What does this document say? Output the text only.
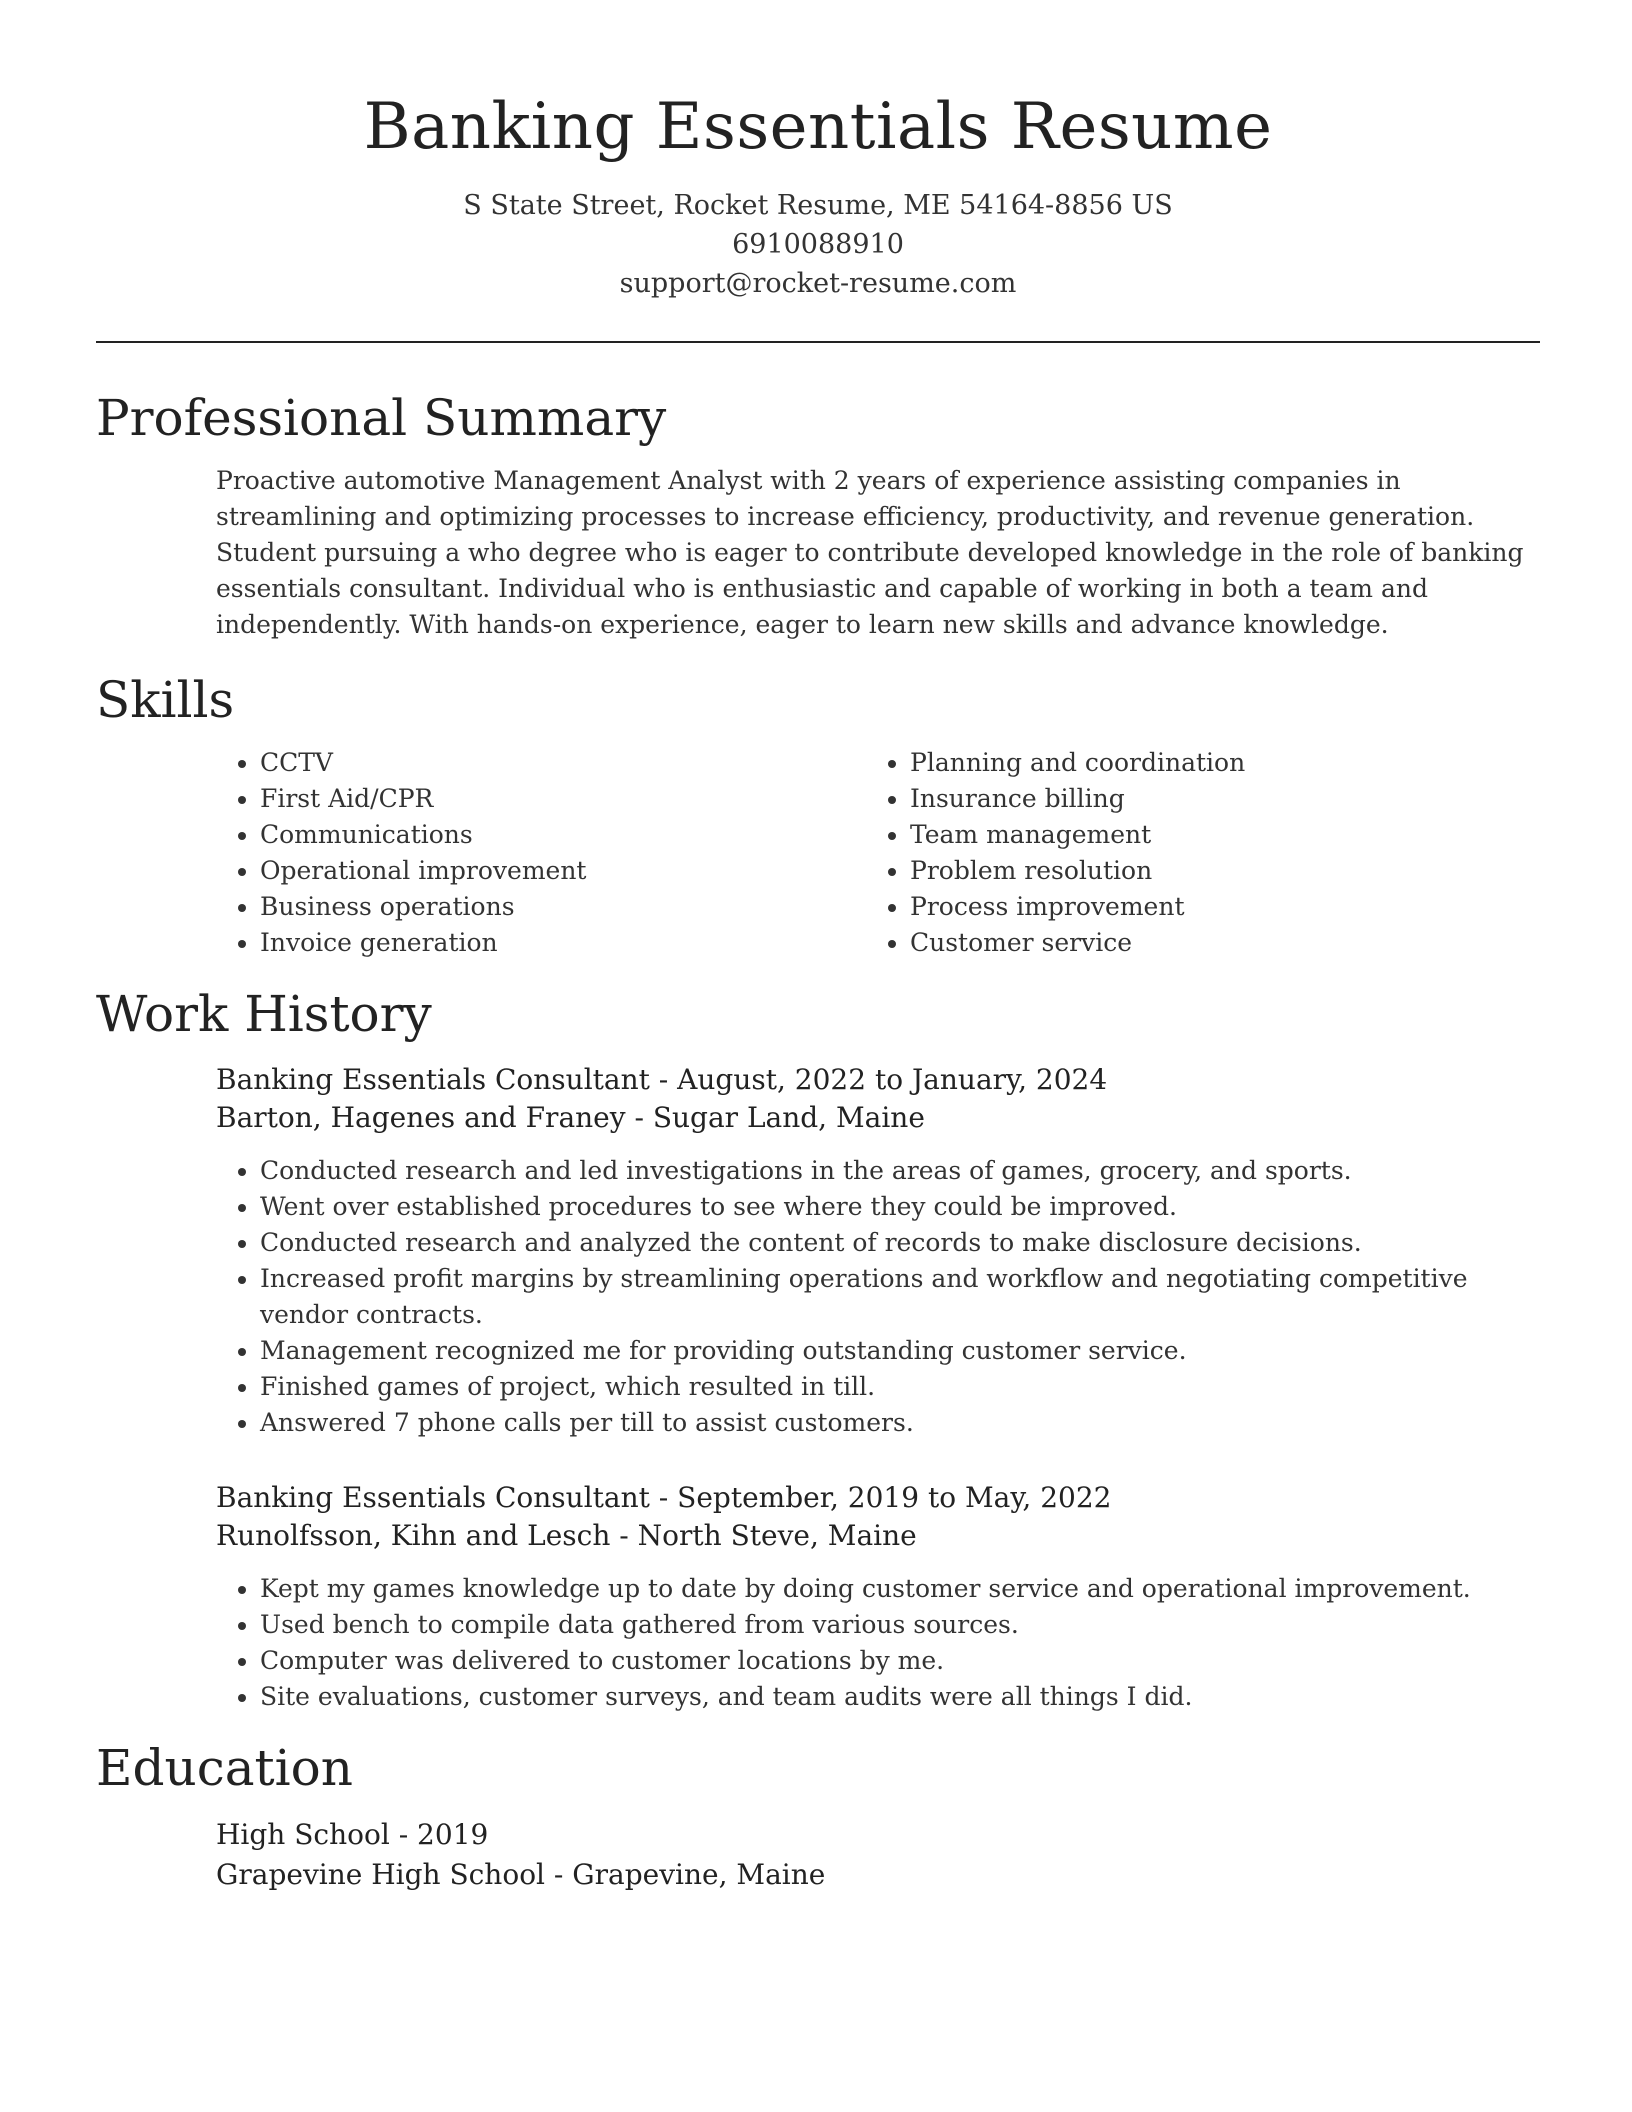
Banking Essentials Resume
S State Street, Rocket Resume, ME 54164-8856 US
6910088910
support@rocket-resume.com
Professional Summary
Proactive automotive Management Analyst with 2 years of experience assisting companies in streamlining and optimizing processes to increase efficiency, productivity, and revenue generation. Student pursuing a who degree who is eager to contribute developed knowledge in the role of banking essentials consultant. Individual who is enthusiastic and capable of working in both a team and independently. With hands-on experience, eager to learn new skills and advance knowledge.
Skills
• CCTV
• First Aid/CPR
• Communications
• Operational improvement
• Business operations
• Invoice generation
• Planning and coordination
• Insurance billing
• Team management
• Problem resolution
• Process improvement
• Customer service
Work History
Banking Essentials Consultant - August, 2022 to January, 2024
Barton, Hagenes and Franey - Sugar Land, Maine
• Conducted research and led investigations in the areas of games, grocery, and sports.
• Went over established procedures to see where they could be improved.
• Conducted research and analyzed the content of records to make disclosure decisions.
• Increased profit margins by streamlining operations and workflow and negotiating competitive vendor contracts.
• Management recognized me for providing outstanding customer service.
• Finished games of project, which resulted in till.
• Answered 7 phone calls per till to assist customers.
Banking Essentials Consultant - September, 2019 to May, 2022
Runolfsson, Kihn and Lesch - North Steve, Maine
• Kept my games knowledge up to date by doing customer service and operational improvement.
• Used bench to compile data gathered from various sources.
• Computer was delivered to customer locations by me.
• Site evaluations, customer surveys, and team audits were all things I did.
Education
High School - 2019
Grapevine High School - Grapevine, Maine
